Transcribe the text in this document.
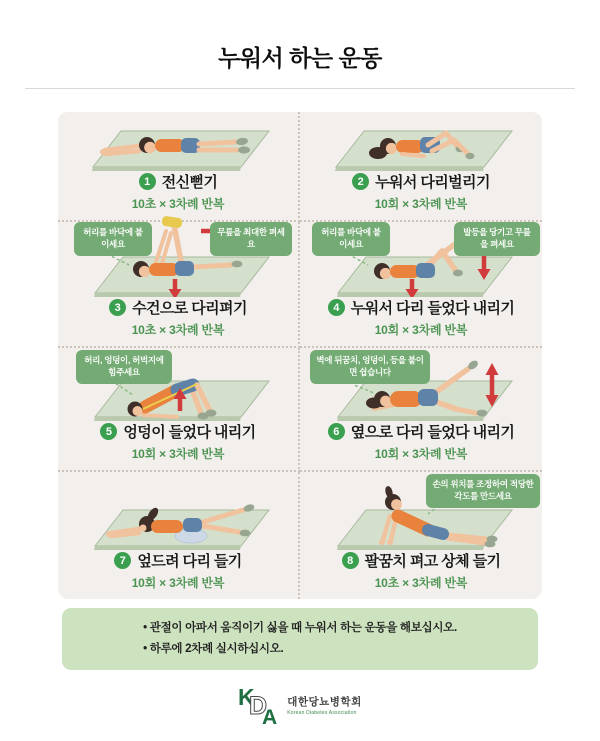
누워서 하는 운동
1 전신뻗기
10초 × 3차례 반복
2 누워서 다리벌리기
10회 × 3차례 반복
허리를 바닥에 붙이세요
무릎을 최대한 펴세요
3 수건으로 다리펴기
10초 × 3차례 반복
허리를 바닥에 붙이세요
발등을 당기고 무릎을 펴세요
4 누워서 다리 들었다 내리기
10회 × 3차례 반복
허리, 엉덩이, 허벅지에 힘주세요
5 엉덩이 들었다 내리기
10회 × 3차례 반복
벽에 뒤꿈치, 엉덩이, 등을 붙이면 쉽습니다
6 옆으로 다리 들었다 내리기
10회 × 3차례 반복
7 엎드려 다리 들기
10회 × 3차례 반복
손의 위치를 조정하여 적당한 각도를 만드세요
8 팔꿈치 펴고 상체 들기
10초 × 3차례 반복
• 관절이 아파서 움직이기 싫을 때 누워서 하는 운동을 해보십시오.
• 하루에 2차례 실시하십시오.
K
D
A
대한당뇨병학회
Korean Diabetes Association
